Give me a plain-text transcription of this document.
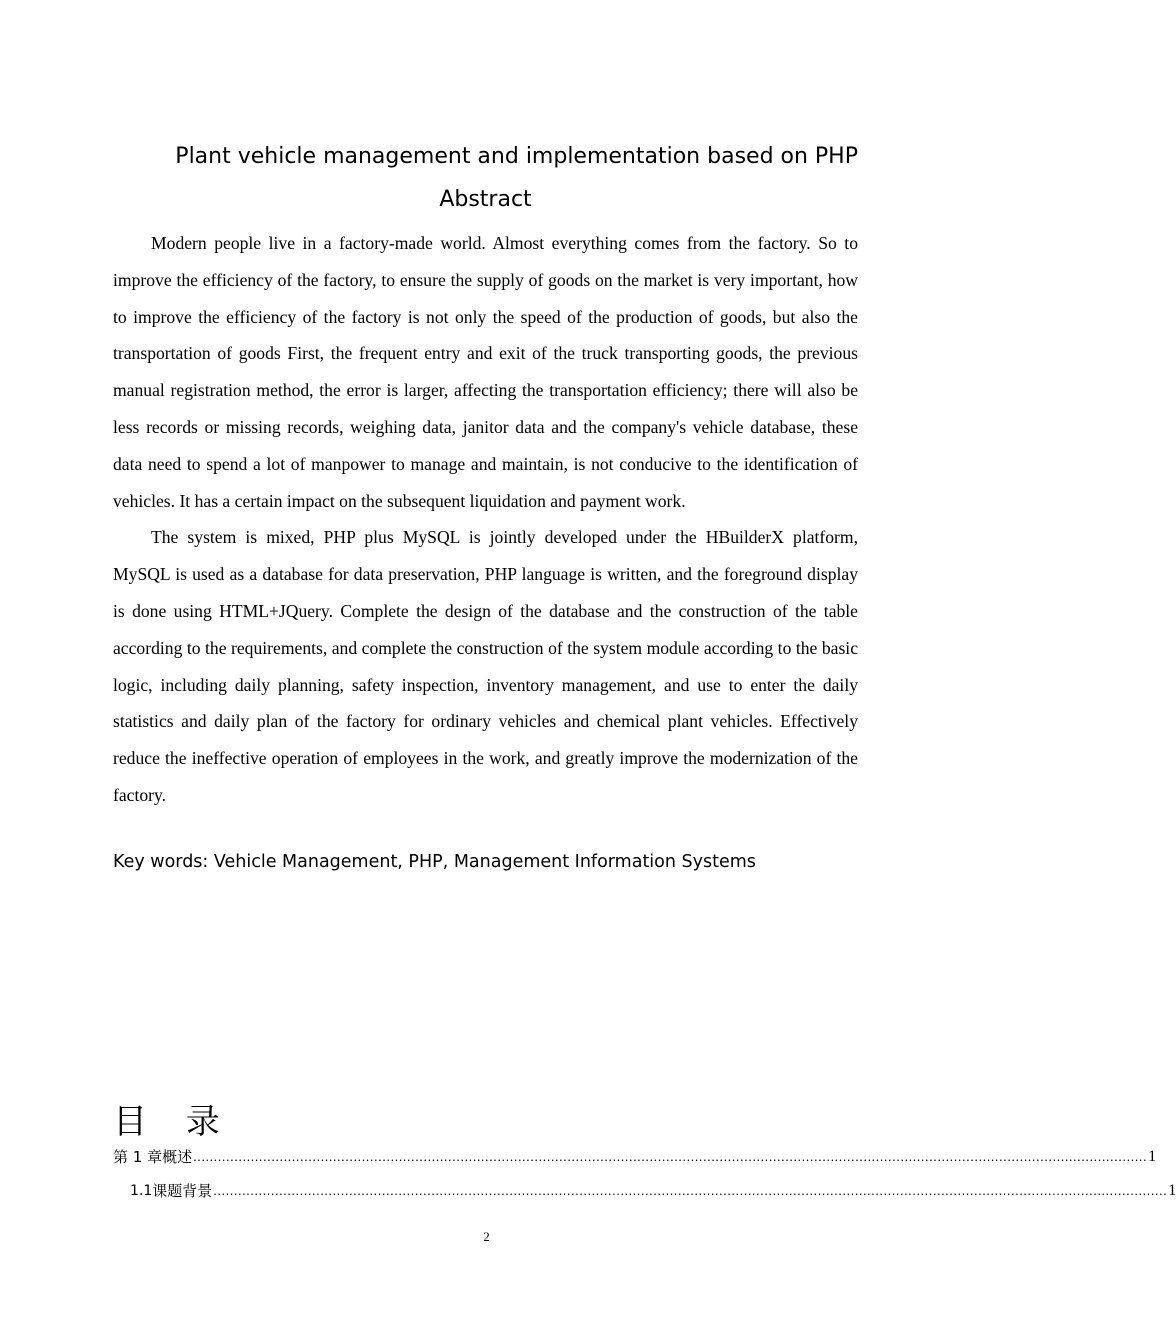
Plant vehicle management and implementation based on PHP
Abstract

Modern people live in a factory-made world. Almost everything comes from the factory. So to improve the efficiency of the factory, to ensure the supply of goods on the market is very important, how to improve the efficiency of the factory is not only the speed of the production of goods, but also the transportation of goods First, the frequent entry and exit of the truck transporting goods, the previous manual registration method, the error is larger, affecting the transportation efficiency; there will also be less records or missing records, weighing data, janitor data and the company's vehicle database, these data need to spend a lot of manpower to manage and maintain, is not conducive to the identification of vehicles. It has a certain impact on the subsequent liquidation and payment work.

The system is mixed, PHP plus MySQL is jointly developed under the HBuilderX platform, MySQL is used as a database for data preservation, PHP language is written, and the foreground display is done using HTML+JQuery. Complete the design of the database and the construction of the table according to the requirements, and complete the construction of the system module according to the basic logic, including daily planning, safety inspection, inventory management, and use to enter the daily statistics and daily plan of the factory for ordinary vehicles and chemical plant vehicles. Effectively reduce the ineffective operation of employees in the work, and greatly improve the modernization of the factory.

Key words: Vehicle Management, PHP, Management Information Systems
目 录
第 1 章 概述 ........................................................................................................................................................................................................................................ 1
1.1 课题背景 ........................................................................................................................................................................................................................................ 1
2
